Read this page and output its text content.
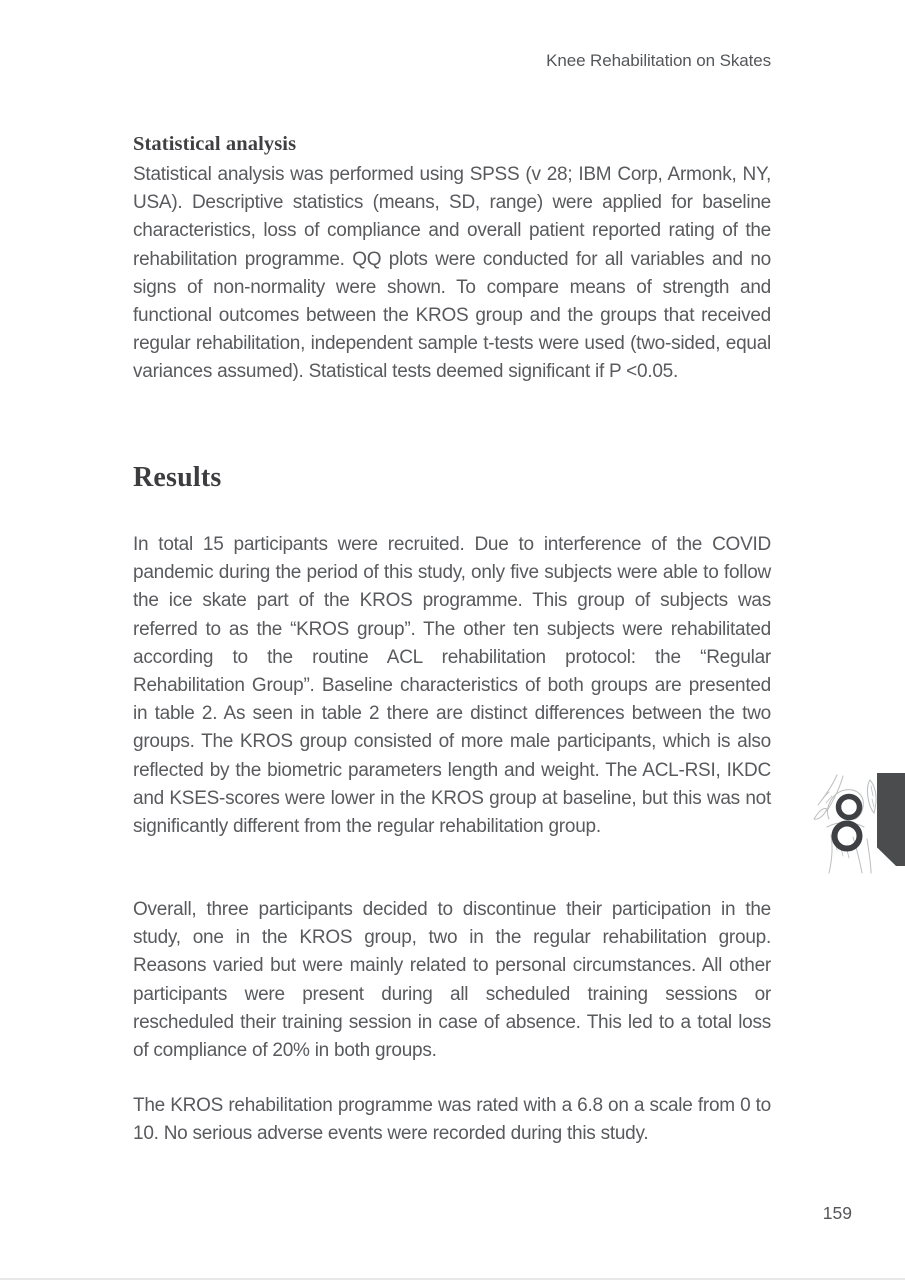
Knee Rehabilitation on Skates
Statistical analysis
Statistical analysis was performed using SPSS (v 28; IBM Corp, Armonk, NY, USA). Descriptive statistics (means, SD, range) were applied for baseline characteristics, loss of compliance and overall patient reported rating of the rehabilitation programme. QQ plots were conducted for all variables and no signs of non-normality were shown. To compare means of strength and functional outcomes between the KROS group and the groups that received regular rehabilitation, independent sample t-tests were used (two-sided, equal variances assumed). Statistical tests deemed significant if P <0.05.
Results
In total 15 participants were recruited. Due to interference of the COVID pandemic during the period of this study, only five subjects were able to follow the ice skate part of the KROS programme. This group of subjects was referred to as the “KROS group”. The other ten subjects were rehabilitated according to the routine ACL rehabilitation protocol: the “Regular Rehabilitation Group”. Baseline characteristics of both groups are presented in table 2. As seen in table 2 there are distinct differences between the two groups. The KROS group consisted of more male participants, which is also reflected by the biometric parameters length and weight. The ACL-RSI, IKDC and KSES-scores were lower in the KROS group at baseline, but this was not significantly different from the regular rehabilitation group.
Overall, three participants decided to discontinue their participation in the study, one in the KROS group, two in the regular rehabilitation group. Reasons varied but were mainly related to personal circumstances. All other participants were present during all scheduled training sessions or rescheduled their training session in case of absence. This led to a total loss of compliance of 20% in both groups.
The KROS rehabilitation programme was rated with a 6.8 on a scale from 0 to 10. No serious adverse events were recorded during this study.
159
